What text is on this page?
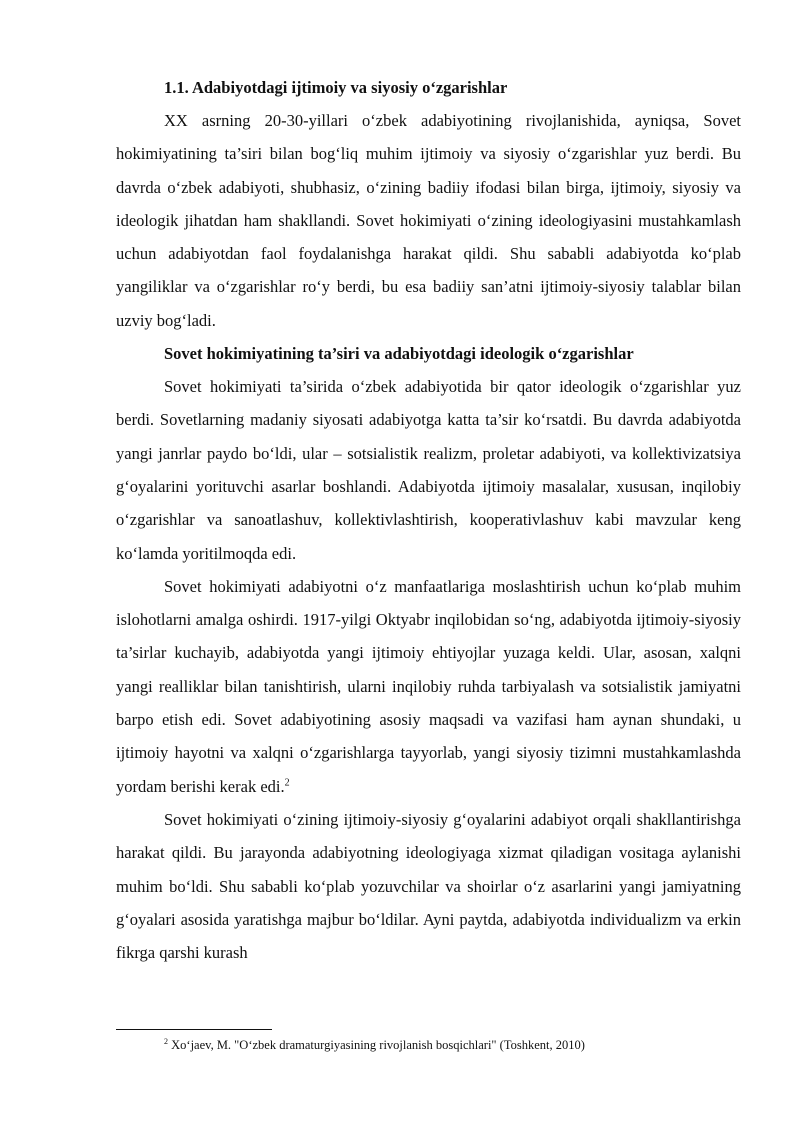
1.1. Adabiyotdagi ijtimoiy va siyosiy o‘zgarishlar

XX asrning 20-30-yillari o‘zbek adabiyotining rivojlanishida, ayniqsa, Sovet hokimiyatining ta’siri bilan bog‘liq muhim ijtimoiy va siyosiy o‘zgarishlar yuz berdi. Bu davrda o‘zbek adabiyoti, shubhasiz, o‘zining badiiy ifodasi bilan birga, ijtimoiy, siyosiy va ideologik jihatdan ham shakllandi. Sovet hokimiyati o‘zining ideologiyasini mustahkamlash uchun adabiyotdan faol foydalanishga harakat qildi. Shu sababli adabiyotda ko‘plab yangiliklar va o‘zgarishlar ro‘y berdi, bu esa badiiy san’atni ijtimoiy-siyosiy talablar bilan uzviy bog‘ladi.

Sovet hokimiyatining ta’siri va adabiyotdagi ideologik o‘zgarishlar

Sovet hokimiyati ta’sirida o‘zbek adabiyotida bir qator ideologik o‘zgarishlar yuz berdi. Sovetlarning madaniy siyosati adabiyotga katta ta’sir ko‘rsatdi. Bu davrda adabiyotda yangi janrlar paydo bo‘ldi, ular – sotsialistik realizm, proletar adabiyoti, va kollektivizatsiya g‘oyalarini yorituvchi asarlar boshlandi. Adabiyotda ijtimoiy masalalar, xususan, inqilobiy o‘zgarishlar va sanoatlashuv, kollektivlashtirish, kooperativlashuv kabi mavzular keng ko‘lamda yoritilmoqda edi.

Sovet hokimiyati adabiyotni o‘z manfaatlariga moslashtirish uchun ko‘plab muhim islohotlarni amalga oshirdi. 1917-yilgi Oktyabr inqilobidan so‘ng, adabiyotda ijtimoiy-siyosiy ta’sirlar kuchayib, adabiyotda yangi ijtimoiy ehtiyojlar yuzaga keldi. Ular, asosan, xalqni yangi realliklar bilan tanishtirish, ularni inqilobiy ruhda tarbiyalash va sotsialistik jamiyatni barpo etish edi. Sovet adabiyotining asosiy maqsadi va vazifasi ham aynan shundaki, u ijtimoiy hayotni va xalqni o‘zgarishlarga tayyorlab, yangi siyosiy tizimni mustahkamlashda yordam berishi kerak edi.$^2$

Sovet hokimiyati o‘zining ijtimoiy-siyosiy g‘oyalarini adabiyot orqali shakllantirishga harakat qildi. Bu jarayonda adabiyotning ideologiyaga xizmat qiladigan vositaga aylanishi muhim bo‘ldi. Shu sababli ko‘plab yozuvchilar va shoirlar o‘z asarlarini yangi jamiyatning g‘oyalari asosida yaratishga majbur bo‘ldilar. Ayni paytda, adabiyotda individualizm va erkin fikrga qarshi kurash

$^2$ Xo‘jaev, M. "O‘zbek dramaturgiyasining rivojlanish bosqichlari" (Toshkent, 2010)
